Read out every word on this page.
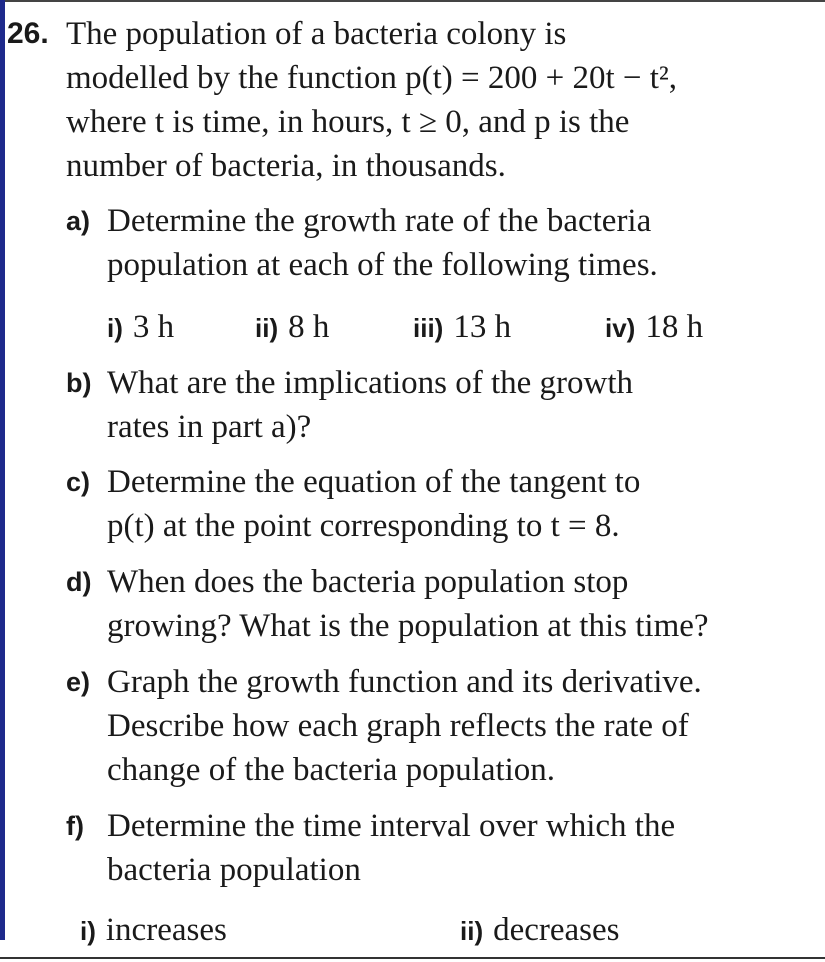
26. The population of a bacteria colony is
modelled by the function p(t) = 200 + 20t − t²,
where t is time, in hours, t ≥ 0, and p is the
number of bacteria, in thousands.
a) Determine the growth rate of the bacteria
population at each of the following times.
i) 3 h	ii) 8 h	iii) 13 h	iv) 18 h
b) What are the implications of the growth
rates in part a)?
c) Determine the equation of the tangent to
p(t) at the point corresponding to t = 8.
d) When does the bacteria population stop
growing? What is the population at this time?
e) Graph the growth function and its derivative.
Describe how each graph reflects the rate of
change of the bacteria population.
f) Determine the time interval over which the
bacteria population
i) increases	ii) decreases
